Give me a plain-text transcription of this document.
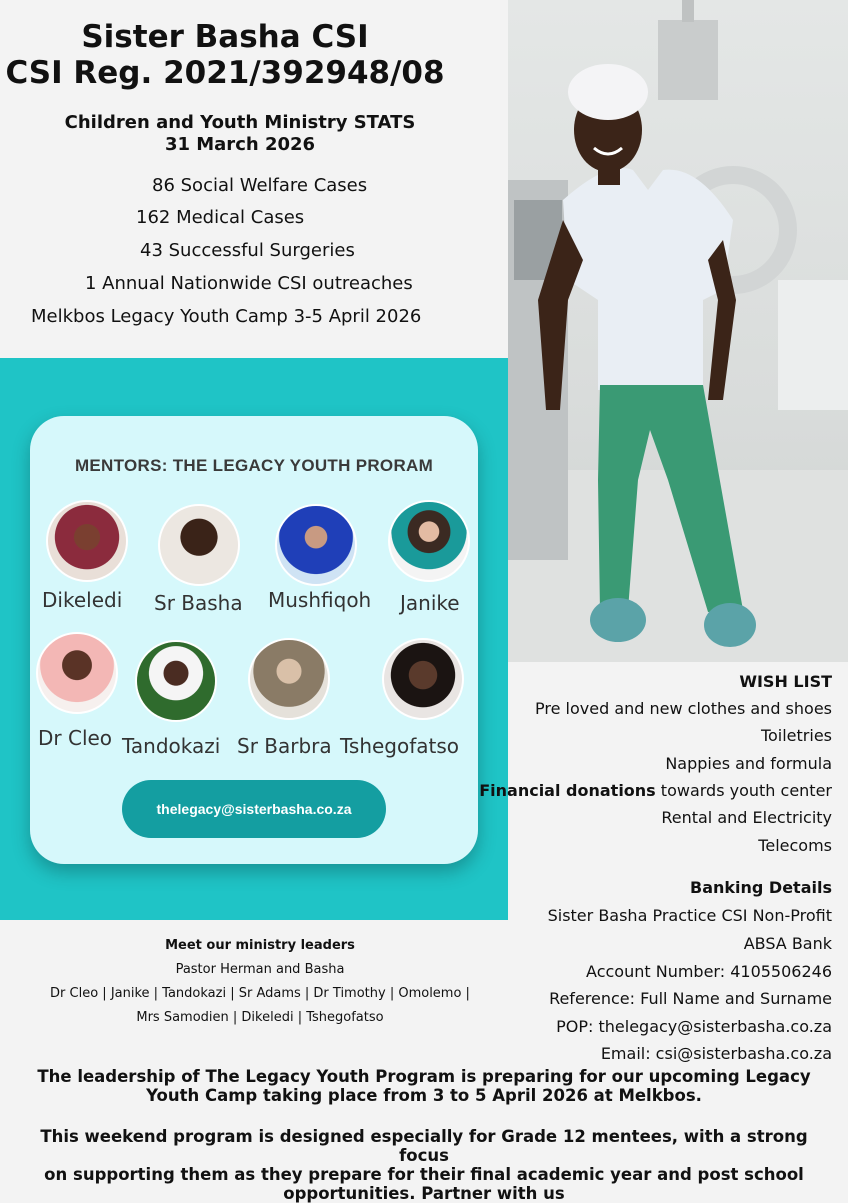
Sister Basha CSI
CSI Reg. 2021/392948/08
Children and Youth Ministry STATS
31 March 2026
86 Social Welfare Cases
162 Medical Cases
43 Successful Surgeries
1 Annual Nationwide CSI outreaches
Melkbos Legacy Youth Camp 3-5 April 2026
MENTORS: THE LEGACY YOUTH PRORAM
Dikeledi Sr Basha Mushfiqoh Janike
Dr Cleo Tandokazi Sr Barbra Tshegofatso
thelegacy@sisterbasha.co.za
WISH LIST
Pre loved and new clothes and shoes
Toiletries
Nappies and formula
Financial donations towards youth center
Rental and Electricity
Telecoms
Banking Details
Sister Basha Practice CSI Non-Profit
ABSA Bank
Account Number: 4105506246
Reference: Full Name and Surname
POP: thelegacy@sisterbasha.co.za
Email: csi@sisterbasha.co.za
Meet our ministry leaders
Pastor Herman and Basha
Dr Cleo | Janike | Tandokazi | Sr Adams | Dr Timothy | Omolemo |
Mrs Samodien | Dikeledi | Tshegofatso
The leadership of The Legacy Youth Program is preparing for our upcoming Legacy
Youth Camp taking place from 3 to 5 April 2026 at Melkbos.
This weekend program is designed especially for Grade 12 mentees, with a strong focus
on supporting them as they prepare for their final academic year and post school
opportunities. Partner with us
